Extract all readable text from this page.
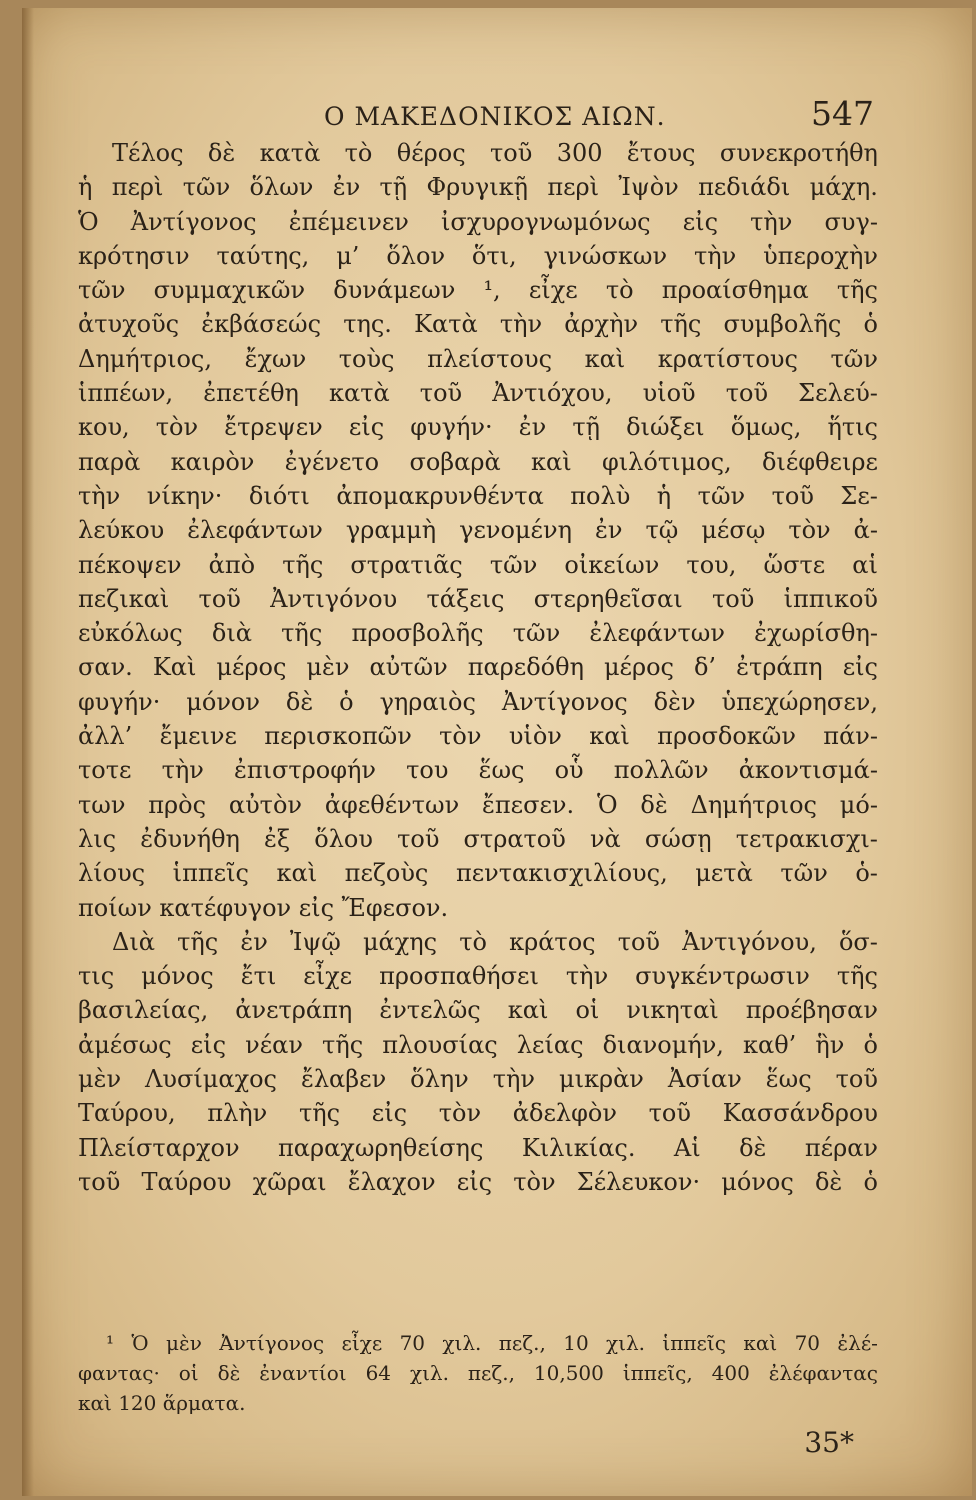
Ο ΜΑΚΕΔΟΝΙΚΟΣ ΑΙΩΝ.	547
Τέλος δὲ κατὰ τὸ θέρος τοῦ 300 ἔτους συνεκροτήθη
ἡ περὶ τῶν ὅλων ἐν τῇ Φρυγικῇ περὶ Ἰψὸν πεδιάδι μάχη.
Ὁ Ἀντίγονος ἐπέμεινεν ἰσχυρογνωμόνως εἰς τὴν συγ-
κρότησιν ταύτης, μ’ ὅλον ὅτι, γινώσκων τὴν ὑπεροχὴν
τῶν συμμαχικῶν δυνάμεων ¹, εἶχε τὸ προαίσθημα τῆς
ἀτυχοῦς ἐκβάσεώς της. Κατὰ τὴν ἀρχὴν τῆς συμβολῆς ὁ
Δημήτριος, ἔχων τοὺς πλείστους καὶ κρατίστους τῶν
ἱππέων, ἐπετέθη κατὰ τοῦ Ἀντιόχου, υἱοῦ τοῦ Σελεύ-
κου, τὸν ἔτρεψεν εἰς φυγήν· ἐν τῇ διώξει ὅμως, ἥτις
παρὰ καιρὸν ἐγένετο σοβαρὰ καὶ φιλότιμος, διέφθειρε
τὴν νίκην· διότι ἀπομακρυνθέντα πολὺ ἡ τῶν τοῦ Σε-
λεύκου ἐλεφάντων γραμμὴ γενομένη ἐν τῷ μέσῳ τὸν ἀ-
πέκοψεν ἀπὸ τῆς στρατιᾶς τῶν οἰκείων του, ὥστε αἱ
πεζικαὶ τοῦ Ἀντιγόνου τάξεις στερηθεῖσαι τοῦ ἱππικοῦ
εὐκόλως διὰ τῆς προσβολῆς τῶν ἐλεφάντων ἐχωρίσθη-
σαν. Καὶ μέρος μὲν αὐτῶν παρεδόθη μέρος δ’ ἐτράπη εἰς
φυγήν· μόνον δὲ ὁ γηραιὸς Ἀντίγονος δὲν ὑπεχώρησεν,
ἀλλ’ ἔμεινε περισκοπῶν τὸν υἱὸν καὶ προσδοκῶν πάν-
τοτε τὴν ἐπιστροφήν του ἕως οὗ πολλῶν ἀκοντισμά-
των πρὸς αὐτὸν ἀφεθέντων ἔπεσεν. Ὁ δὲ Δημήτριος μό-
λις ἐδυνήθη ἐξ ὅλου τοῦ στρατοῦ νὰ σώσῃ τετρακισχι-
λίους ἱππεῖς καὶ πεζοὺς πεντακισχιλίους, μετὰ τῶν ὁ-
ποίων κατέφυγον εἰς Ἔφεσον.
Διὰ τῆς ἐν Ἰψῷ μάχης τὸ κράτος τοῦ Ἀντιγόνου, ὅσ-
τις μόνος ἔτι εἶχε προσπαθήσει τὴν συγκέντρωσιν τῆς
βασιλείας, ἀνετράπη ἐντελῶς καὶ οἱ νικηταὶ προέβησαν
ἀμέσως εἰς νέαν τῆς πλουσίας λείας διανομήν, καθ’ ἣν ὁ
μὲν Λυσίμαχος ἔλαβεν ὅλην τὴν μικρὰν Ἀσίαν ἕως τοῦ
Ταύρου, πλὴν τῆς εἰς τὸν ἀδελφὸν τοῦ Κασσάνδρου
Πλείσταρχον παραχωρηθείσης Κιλικίας. Αἱ δὲ πέραν
τοῦ Ταύρου χῶραι ἔλαχον εἰς τὸν Σέλευκον· μόνος δὲ ὁ
¹ Ὁ μὲν Ἀντίγονος εἶχε 70 χιλ. πεζ., 10 χιλ. ἱππεῖς καὶ 70 ἐλέ-
φαντας· οἱ δὲ ἐναντίοι 64 χιλ. πεζ., 10,500 ἱππεῖς, 400 ἐλέφαντας
καὶ 120 ἅρματα.
35*
